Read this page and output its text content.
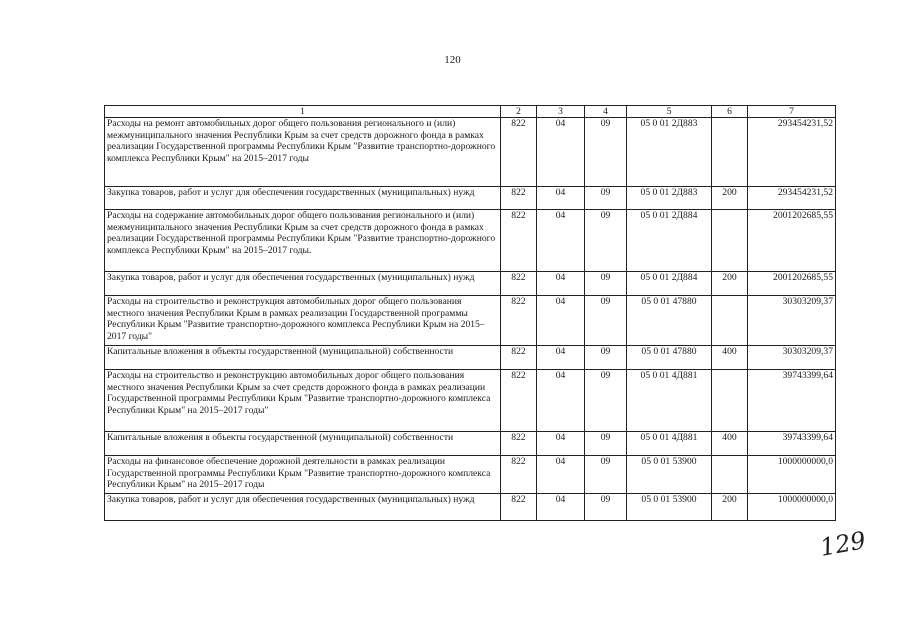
120
1	2	3	4	5	6	7
Расходы на ремонт автомобильных дорог общего пользования регионального и (или) межмуниципального значения Республики Крым за счет средств дорожного фонда в рамках реализации Государственной программы Республики Крым "Развитие транспортно-дорожного комплекса Республики Крым" на 2015–2017 годы	822	04	09	05 0 01 2Д883		293454231,52
Закупка товаров, работ и услуг для обеспечения государственных (муниципальных) нужд	822	04	09	05 0 01 2Д883	200	293454231,52
Расходы на содержание автомобильных дорог общего пользования регионального и (или) межмуниципального значения Республики Крым за счет средств дорожного фонда в рамках реализации Государственной программы Республики Крым "Развитие транспортно-дорожного комплекса Республики Крым" на 2015–2017 годы.	822	04	09	05 0 01 2Д884		2001202685,55
Закупка товаров, работ и услуг для обеспечения государственных (муниципальных) нужд	822	04	09	05 0 01 2Д884	200	2001202685,55
Расходы на строительство и реконструкция автомобильных дорог общего пользования местного значения Республики Крым в рамках реализации Государственной программы Республики Крым "Развитие транспортно-дорожного комплекса Республики Крым на 2015–2017 годы"	822	04	09	05 0 01 47880		30303209,37
Капитальные вложения в объекты государственной (муниципальной) собственности	822	04	09	05 0 01 47880	400	30303209,37
Расходы на строительство и реконструкцию автомобильных дорог общего пользования местного значения Республики Крым за счет средств дорожного фонда в рамках реализации Государственной программы Республики Крым "Развитие транспортно-дорожного комплекса Республики Крым" на 2015–2017 годы"	822	04	09	05 0 01 4Д881		39743399,64
Капитальные вложения в объекты государственной (муниципальной) собственности	822	04	09	05 0 01 4Д881	400	39743399,64
Расходы на финансовое обеспечение дорожной деятельности в рамках реализации Государственной программы Республики Крым "Развитие транспортно-дорожного комплекса Республики Крым" на 2015–2017 годы	822	04	09	05 0 01 53900		1000000000,0
Закупка товаров, работ и услуг для обеспечения государственных (муниципальных) нужд	822	04	09	05 0 01 53900	200	1000000000,0
129
